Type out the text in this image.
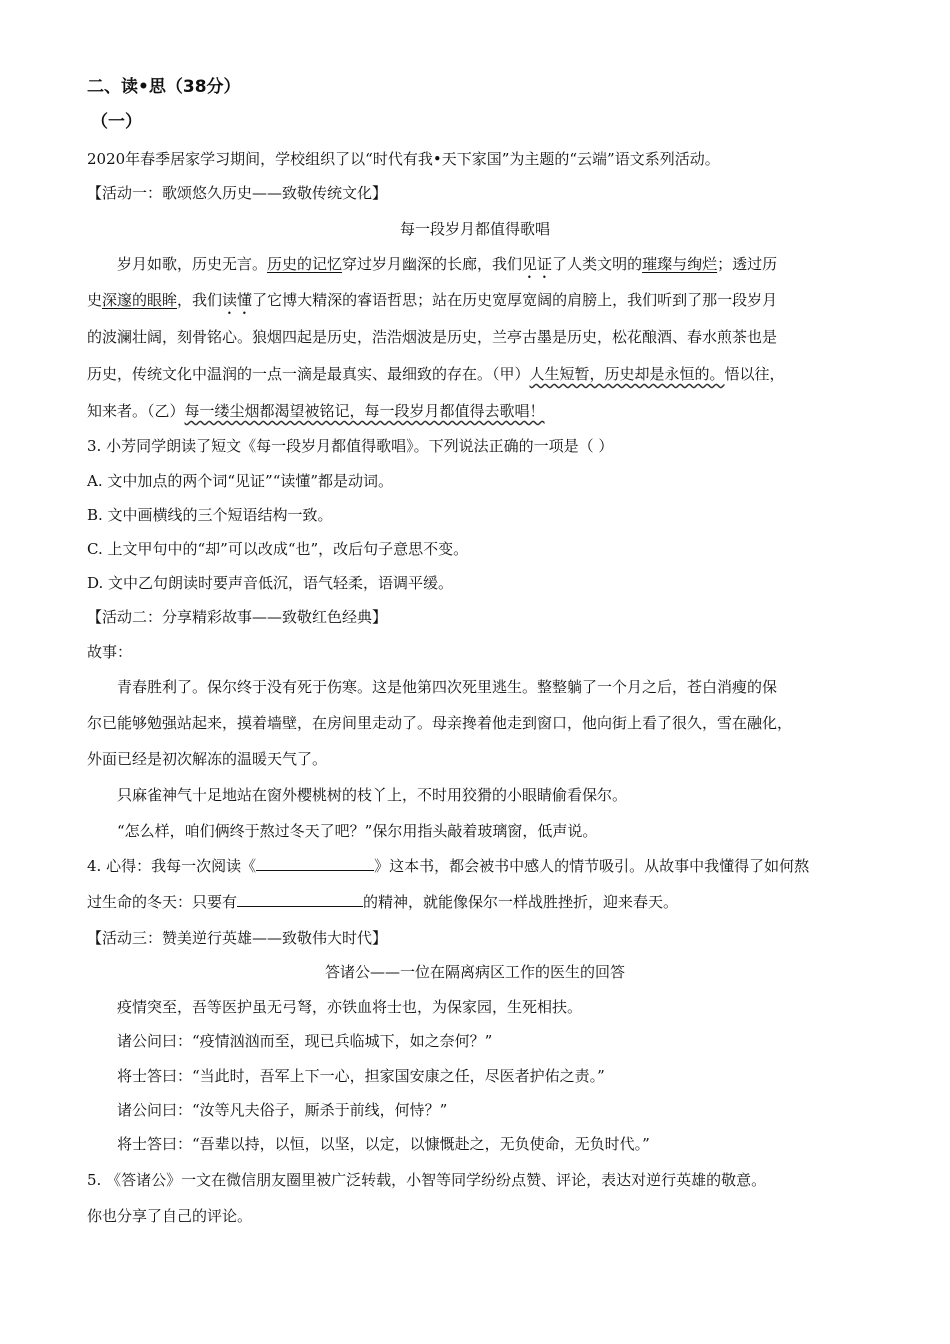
二、读•思（38分）
（一）
2020年春季居家学习期间，学校组织了以“时代有我•天下家国”为主题的“云端”语文系列活动。
【活动一：歌颂悠久历史——致敬传统文化】
每一段岁月都值得歌唱
岁月如歌，历史无言。历史的记忆穿过岁月幽深的长廊，我们见证了人类文明的璀璨与绚烂；透过历
史深邃的眼眸，我们读懂了它博大精深的睿语哲思；站在历史宽厚宽阔的肩膀上，我们听到了那一段岁月
的波澜壮阔，刻骨铭心。狼烟四起是历史，浩浩烟波是历史，兰亭古墨是历史，松花酿酒、春水煎茶也是
历史，传统文化中温润的一点一滴是最真实、最细致的存在。（甲）人生短暂，历史却是永恒的。悟以往，
知来者。（乙）每一缕尘烟都渴望被铭记，每一段岁月都值得去歌唱！
3. 小芳同学朗读了短文《每一段岁月都值得歌唱》。下列说法正确的一项是（ ）
A. 文中加点的两个词“见证”“读懂”都是动词。
B. 文中画横线的三个短语结构一致。
C. 上文甲句中的“却”可以改成“也”，改后句子意思不变。
D. 文中乙句朗读时要声音低沉，语气轻柔，语调平缓。
【活动二：分享精彩故事——致敬红色经典】
故事：
青春胜利了。保尔终于没有死于伤寒。这是他第四次死里逃生。整整躺了一个月之后，苍白消瘦的保
尔已能够勉强站起来，摸着墙壁，在房间里走动了。母亲搀着他走到窗口，他向街上看了很久，雪在融化，
外面已经是初次解冻的温暖天气了。
只麻雀神气十足地站在窗外樱桃树的枝丫上，不时用狡猾的小眼睛偷看保尔。
“怎么样，咱们俩终于熬过冬天了吧？”保尔用指头敲着玻璃窗，低声说。
4. 心得：我每一次阅读《	》这本书，都会被书中感人的情节吸引。从故事中我懂得了如何熬
过生命的冬天：只要有	的精神，就能像保尔一样战胜挫折，迎来春天。
【活动三：赞美逆行英雄——致敬伟大时代】
答诸公——一位在隔离病区工作的医生的回答
疫情突至，吾等医护虽无弓弩，亦铁血将士也，为保家园，生死相扶。
诸公问曰：“疫情汹汹而至，现已兵临城下，如之奈何？”
将士答曰：“当此时，吾军上下一心，担家国安康之任，尽医者护佑之责。”
诸公问曰：“汝等凡夫俗子，厮杀于前线，何恃？”
将士答曰：“吾辈以持，以恒，以坚，以定，以慷慨赴之，无负使命，无负时代。”
5. 《答诸公》一文在微信朋友圈里被广泛转载，小智等同学纷纷点赞、评论，表达对逆行英雄的敬意。
你也分享了自己的评论。
